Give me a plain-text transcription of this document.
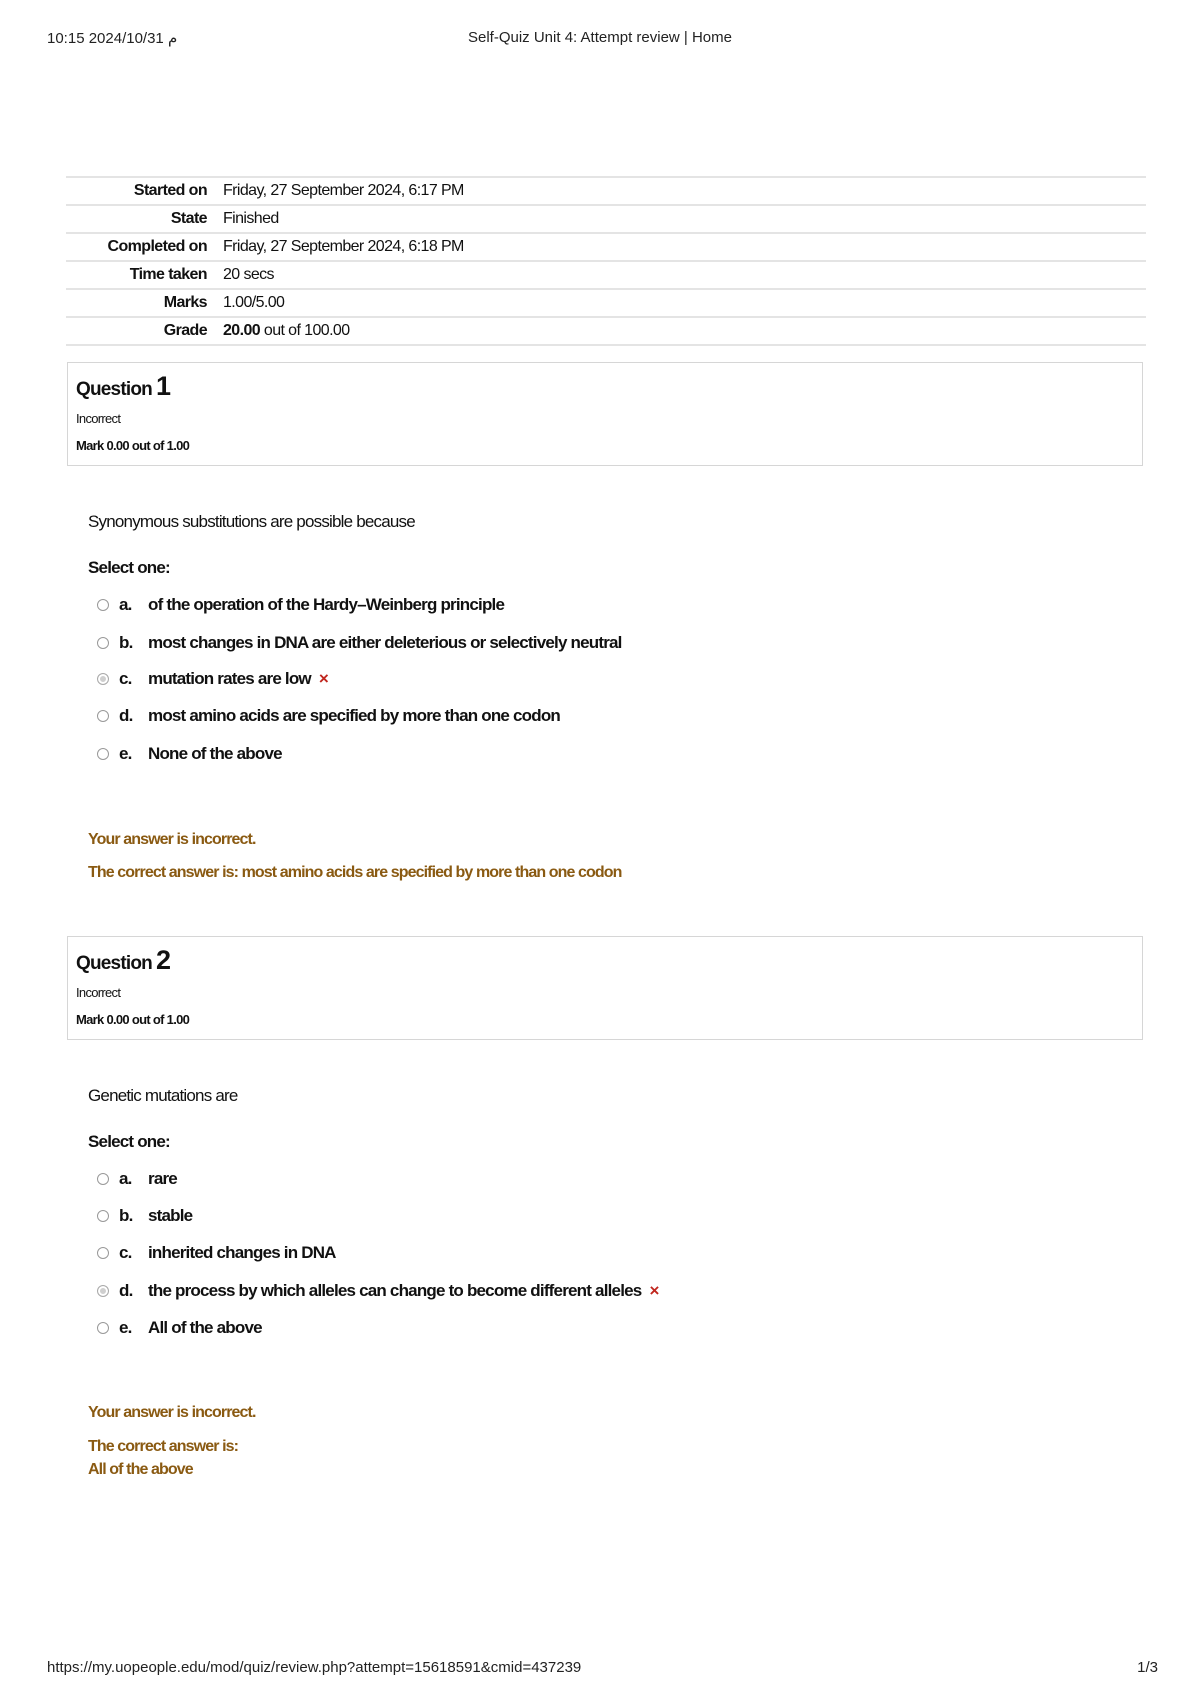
10:15 2024/10/31 م	Self-Quiz Unit 4: Attempt review | Home
Started on	Friday, 27 September 2024, 6:17 PM
State	Finished
Completed on	Friday, 27 September 2024, 6:18 PM
Time taken	20 secs
Marks	1.00/5.00
Grade	20.00 out of 100.00
Question 1
Incorrect
Mark 0.00 out of 1.00
Synonymous substitutions are possible because
Select one:
a. of the operation of the Hardy–Weinberg principle
b. most changes in DNA are either deleterious or selectively neutral
c. mutation rates are low ×
d. most amino acids are specified by more than one codon
e. None of the above
Your answer is incorrect.
The correct answer is: most amino acids are specified by more than one codon
Question 2
Incorrect
Mark 0.00 out of 1.00
Genetic mutations are
Select one:
a. rare
b. stable
c. inherited changes in DNA
d. the process by which alleles can change to become different alleles ×
e. All of the above
Your answer is incorrect.
The correct answer is:
All of the above
https://my.uopeople.edu/mod/quiz/review.php?attempt=15618591&cmid=437239	1/3
